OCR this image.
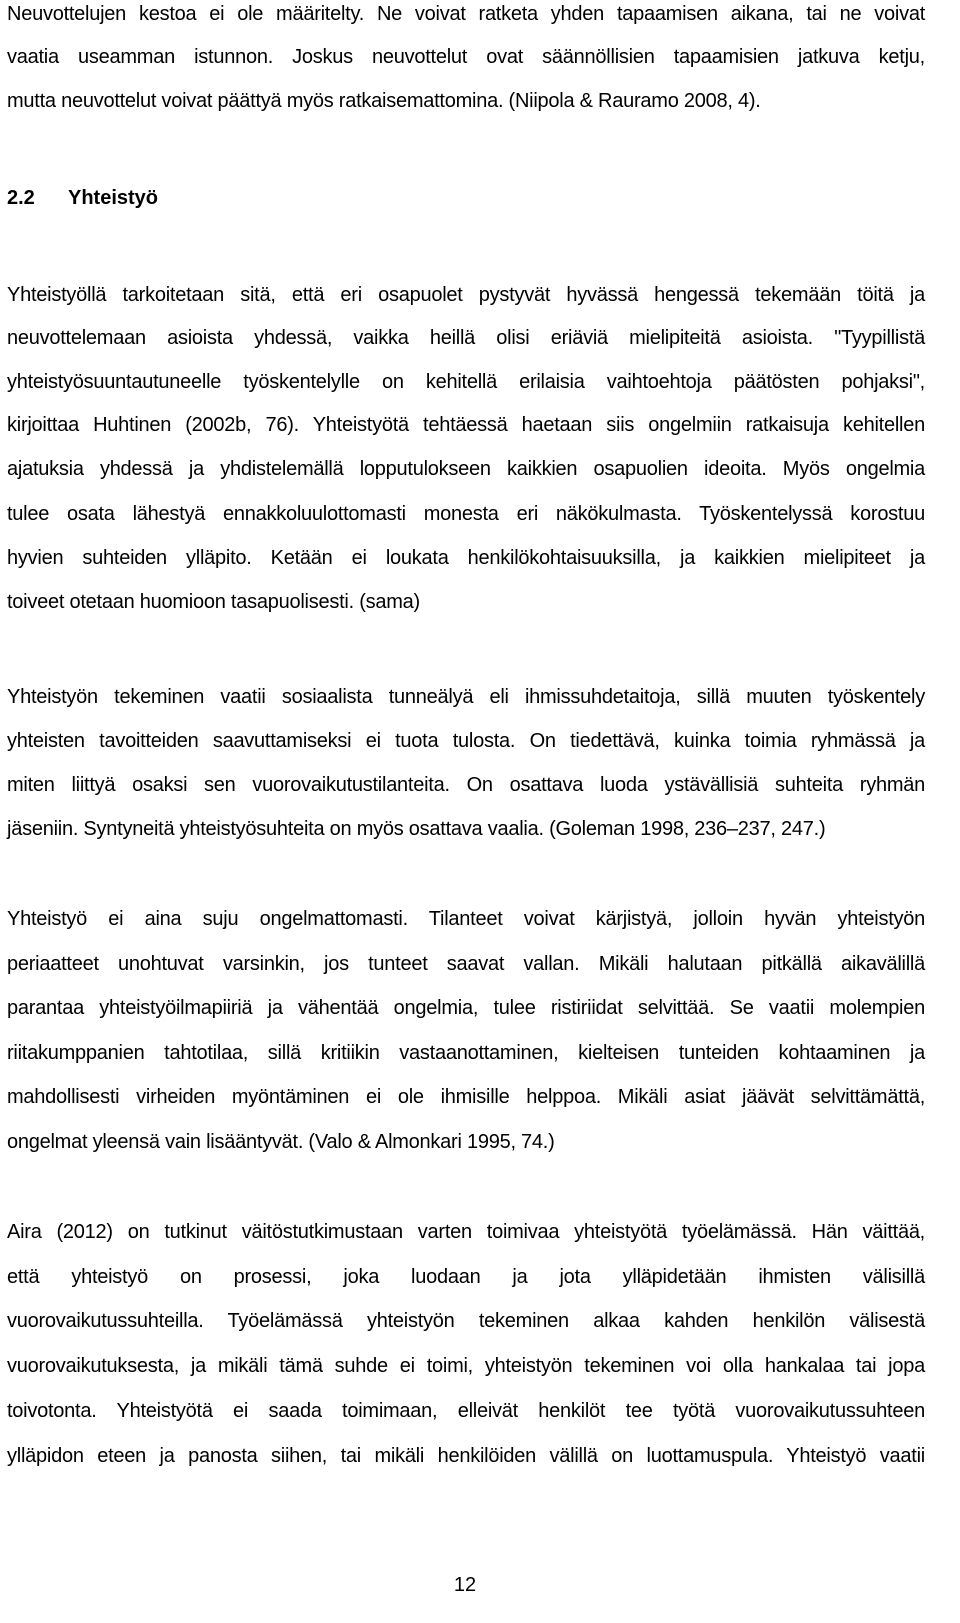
Neuvottelujen kestoa ei ole määritelty. Ne voivat ratketa yhden tapaamisen aikana, tai ne voivat
vaatia useamman istunnon. Joskus neuvottelut ovat säännöllisien tapaamisien jatkuva ketju,
mutta neuvottelut voivat päättyä myös ratkaisemattomina. (Niipola & Rauramo 2008, 4).
2.2 Yhteistyö
Yhteistyöllä tarkoitetaan sitä, että eri osapuolet pystyvät hyvässä hengessä tekemään töitä ja
neuvottelemaan asioista yhdessä, vaikka heillä olisi eriäviä mielipiteitä asioista. "Tyypillistä
yhteistyösuuntautuneelle työskentelylle on kehitellä erilaisia vaihtoehtoja päätösten pohjaksi",
kirjoittaa Huhtinen (2002b, 76). Yhteistyötä tehtäessä haetaan siis ongelmiin ratkaisuja kehitellen
ajatuksia yhdessä ja yhdistelemällä lopputulokseen kaikkien osapuolien ideoita. Myös ongelmia
tulee osata lähestyä ennakkoluulottomasti monesta eri näkökulmasta. Työskentelyssä korostuu
hyvien suhteiden ylläpito. Ketään ei loukata henkilökohtaisuuksilla, ja kaikkien mielipiteet ja
toiveet otetaan huomioon tasapuolisesti. (sama)
Yhteistyön tekeminen vaatii sosiaalista tunneälyä eli ihmissuhdetaitoja, sillä muuten työskentely
yhteisten tavoitteiden saavuttamiseksi ei tuota tulosta. On tiedettävä, kuinka toimia ryhmässä ja
miten liittyä osaksi sen vuorovaikutustilanteita. On osattava luoda ystävällisiä suhteita ryhmän
jäseniin. Syntyneitä yhteistyösuhteita on myös osattava vaalia. (Goleman 1998, 236–237, 247.)
Yhteistyö ei aina suju ongelmattomasti. Tilanteet voivat kärjistyä, jolloin hyvän yhteistyön
periaatteet unohtuvat varsinkin, jos tunteet saavat vallan. Mikäli halutaan pitkällä aikavälillä
parantaa yhteistyöilmapiiriä ja vähentää ongelmia, tulee ristiriidat selvittää. Se vaatii molempien
riitakumppanien tahtotilaa, sillä kritiikin vastaanottaminen, kielteisen tunteiden kohtaaminen ja
mahdollisesti virheiden myöntäminen ei ole ihmisille helppoa. Mikäli asiat jäävät selvittämättä,
ongelmat yleensä vain lisääntyvät. (Valo & Almonkari 1995, 74.)
Aira (2012) on tutkinut väitöstutkimustaan varten toimivaa yhteistyötä työelämässä. Hän väittää,
että yhteistyö on prosessi, joka luodaan ja jota ylläpidetään ihmisten välisillä
vuorovaikutussuhteilla. Työelämässä yhteistyön tekeminen alkaa kahden henkilön välisestä
vuorovaikutuksesta, ja mikäli tämä suhde ei toimi, yhteistyön tekeminen voi olla hankalaa tai jopa
toivotonta. Yhteistyötä ei saada toimimaan, elleivät henkilöt tee työtä vuorovaikutussuhteen
ylläpidon eteen ja panosta siihen, tai mikäli henkilöiden välillä on luottamuspula. Yhteistyö vaatii
12
